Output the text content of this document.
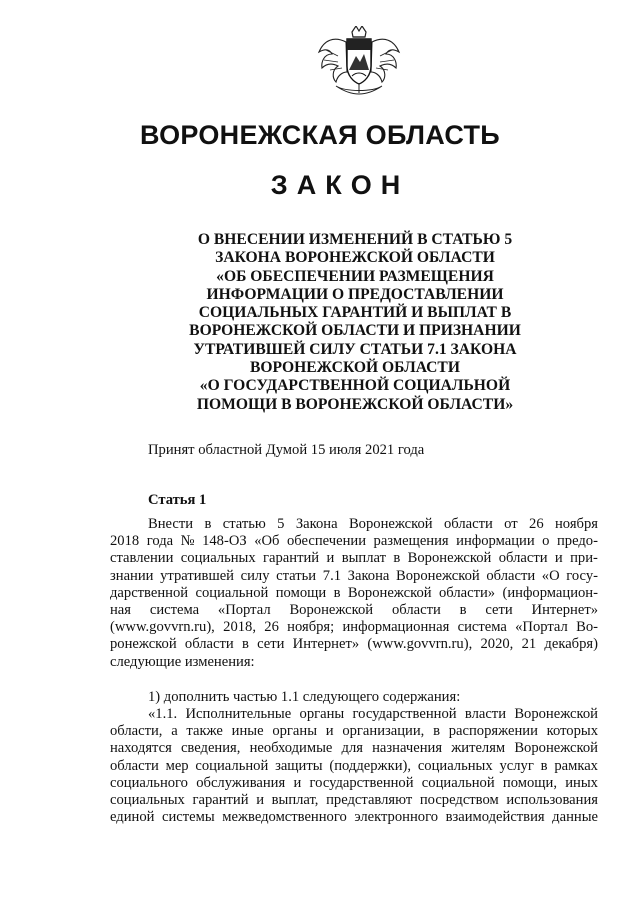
ВОРОНЕЖСКАЯ ОБЛАСТЬ
ЗАКОН
О ВНЕСЕНИИ ИЗМЕНЕНИЙ В СТАТЬЮ 5
ЗАКОНА ВОРОНЕЖСКОЙ ОБЛАСТИ
«ОБ ОБЕСПЕЧЕНИИ РАЗМЕЩЕНИЯ
ИНФОРМАЦИИ О ПРЕДОСТАВЛЕНИИ
СОЦИАЛЬНЫХ ГАРАНТИЙ И ВЫПЛАТ В
ВОРОНЕЖСКОЙ ОБЛАСТИ И ПРИЗНАНИИ
УТРАТИВШЕЙ СИЛУ СТАТЬИ 7.1 ЗАКОНА
ВОРОНЕЖСКОЙ ОБЛАСТИ
«О ГОСУДАРСТВЕННОЙ СОЦИАЛЬНОЙ
ПОМОЩИ В ВОРОНЕЖСКОЙ ОБЛАСТИ»
Принят областной Думой 15 июля 2021 года
Статья 1
Внести в статью 5 Закона Воронежской области от 26 ноября
2018 года № 148-ОЗ «Об обеспечении размещения информации о предо-
ставлении социальных гарантий и выплат в Воронежской области и при-
знании утратившей силу статьи 7.1 Закона Воронежской области «О госу-
дарственной социальной помощи в Воронежской области» (информацион-
ная система «Портал Воронежской области в сети Интернет»
(www.govvrn.ru), 2018, 26 ноября; информационная система «Портал Во-
ронежской области в сети Интернет» (www.govvrn.ru), 2020, 21 декабря)
следующие изменения:
1) дополнить частью 1.1 следующего содержания:
«1.1. Исполнительные органы государственной власти Воронежской
области, а также иные органы и организации, в распоряжении которых
находятся сведения, необходимые для назначения жителям Воронежской
области мер социальной защиты (поддержки), социальных услуг в рамках
социального обслуживания и государственной социальной помощи, иных
социальных гарантий и выплат, представляют посредством использования
единой системы межведомственного электронного взаимодействия данные
